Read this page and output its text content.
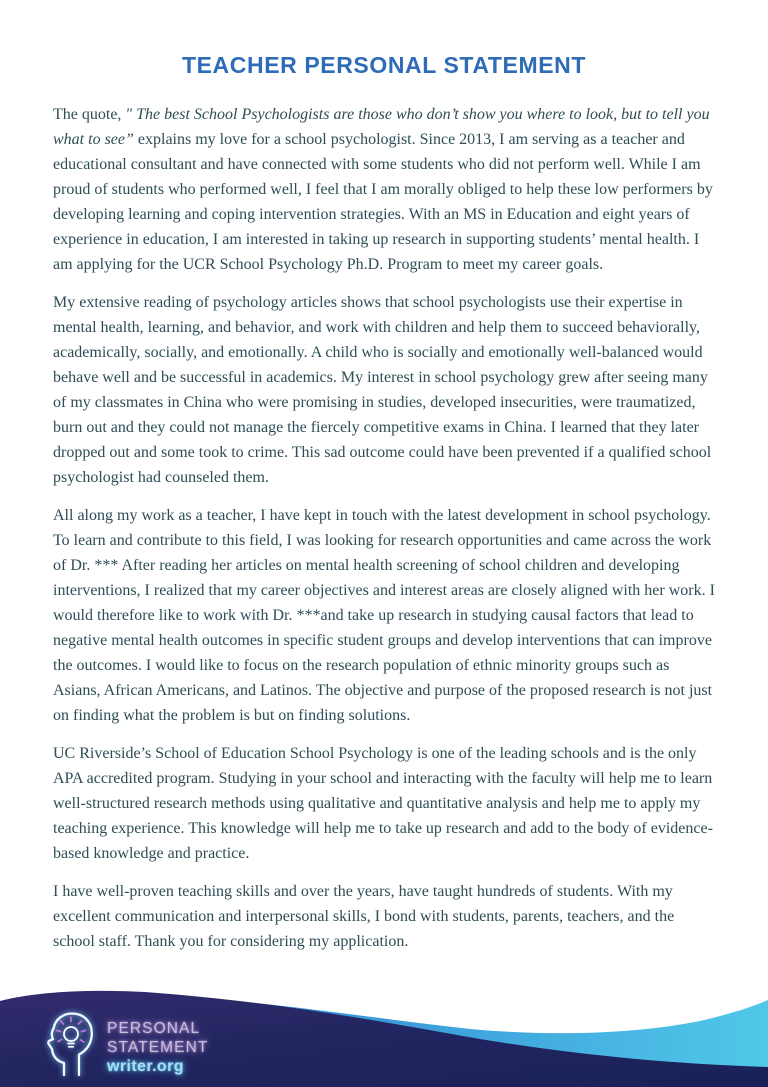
TEACHER PERSONAL STATEMENT

The quote, " The best School Psychologists are those who don’t show you where to look, but to tell you what to see” explains my love for a school psychologist. Since 2013, I am serving as a teacher and educational consultant and have connected with some students who did not perform well. While I am proud of students who performed well, I feel that I am morally obliged to help these low performers by developing learning and coping intervention strategies. With an MS in Education and eight years of experience in education, I am interested in taking up research in supporting students’ mental health. I am applying for the UCR School Psychology Ph.D. Program to meet my career goals.

My extensive reading of psychology articles shows that school psychologists use their expertise in mental health, learning, and behavior, and work with children and help them to succeed behaviorally, academically, socially, and emotionally. A child who is socially and emotionally well-balanced would behave well and be successful in academics. My interest in school psychology grew after seeing many of my classmates in China who were promising in studies, developed insecurities, were traumatized, burn out and they could not manage the fiercely competitive exams in China. I learned that they later dropped out and some took to crime. This sad outcome could have been prevented if a qualified school psychologist had counseled them.

All along my work as a teacher, I have kept in touch with the latest development in school psychology. To learn and contribute to this field, I was looking for research opportunities and came across the work of Dr. *** After reading her articles on mental health screening of school children and developing interventions, I realized that my career objectives and interest areas are closely aligned with her work. I would therefore like to work with Dr. ***and take up research in studying causal factors that lead to negative mental health outcomes in specific student groups and develop interventions that can improve the outcomes. I would like to focus on the research population of ethnic minority groups such as Asians, African Americans, and Latinos. The objective and purpose of the proposed research is not just on finding what the problem is but on finding solutions.

UC Riverside’s School of Education School Psychology is one of the leading schools and is the only APA accredited program. Studying in your school and interacting with the faculty will help me to learn well-structured research methods using qualitative and quantitative analysis and help me to apply my teaching experience. This knowledge will help me to take up research and add to the body of evidence-based knowledge and practice.

I have well-proven teaching skills and over the years, have taught hundreds of students. With my excellent communication and interpersonal skills, I bond with students, parents, teachers, and the school staff. Thank you for considering my application.

PERSONAL
STATEMENT
writer.org
